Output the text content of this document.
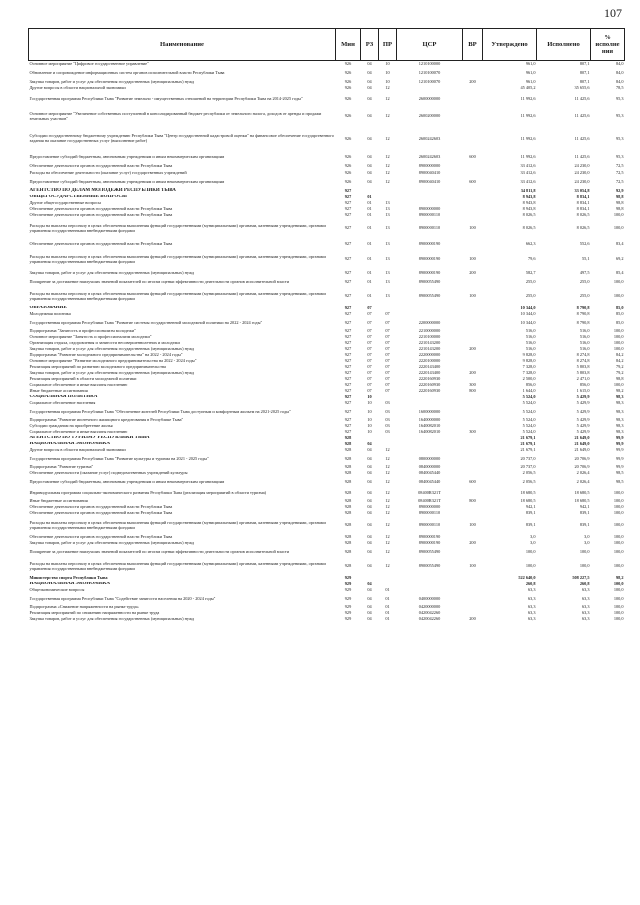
107
Наименование	Мин	РЗ	ПР	ЦСР	ВР	Утверждено	Исполнено	% исполне ния
Основное мероприятие "Цифровое государственное управление"	926	04	10	1210100000		961,0	807,1	84,0
Обновление и сопровождение информационных систем органов исполнительной власти Республики Тыва	926	04	10	1210100070		961,0	807,1	84,0
Закупка товаров, работ и услуг для обеспечения государственных (муниципальных) нужд	926	04	10	1210100070	200	961,0	807,1	84,0
Другие вопросы в области национальной экономики	926	04	12			45 405,2	35 655,6	78,5
Государственная программа Республики Тыва "Развитие земельно - имущественных отношений на территории Республики Тыва на 2014-2025 годы"	926	04	12	2600000000		11 992,6	11 425,6	95,3
Основное мероприятие "Увеличение собственных поступлений в консолидированный бюджет республики от земельного налога, доходов от аренды и продажи земельных участков"	926	04	12	2600200000		11 992,6	11 425,6	95,3
Субсидии государственному бюджетному учреждению Республики Тыва "Центр государственной кадастровой оценки" на финансовое обеспечение государственного задания на оказание государственных услуг (выполнение работ)	926	04	12	2600242603		11 992,6	11 425,6	95,3
Предоставление субсидий бюджетным, автономным учреждениям и иным некоммерческим организациям	926	04	12	2600242603	600	11 992,6	11 425,6	95,3
Обеспечение деятельности органов государственной власти Республики Тыва	926	04	12	8900000000		33 412,6	24 230,0	72,5
Расходы на обеспечение деятельности (оказание услуг) государственных учреждений	926	04	12	8900040410		33 412,6	24 230,0	72,5
Предоставление субсидий бюджетным, автономным учреждениям и иным некоммерческим организациям	926	04	12	8900040410	600	33 412,6	24 230,0	72,5
АГЕНТСТВО ПО ДЕЛАМ МОЛОДЕЖИ РЕСПУБЛИКИ ТЫВА	927					34 811,8	33 054,8	92,9
ОБЩЕГОСУДАРСТВЕННЫЕ ВОПРОСЫ	927	01				8 943,8	8 834,1	98,8
Другие общегосударственные вопросы	927	01	13			8 943,8	8 834,1	98,8
Обеспечение деятельности органов государственной власти Республики Тыва	927	01	13	8900000000		8 943,8	8 834,1	98,8
Обеспечение деятельности органов государственной власти Республики Тыва	927	01	13	8900000110		8 026,5	8 026,5	100,0
Расходы на выплаты персоналу в целях обеспечения выполнения функций государственными (муниципальными) органами, казенными учреждениями, органами управления государственными внебюджетными фондами	927	01	13	8900000110	100	8 026,5	8 026,5	100,0
Обеспечение деятельности органов государственной власти Республики Тыва	927	01	13	8900000190		662,3	552,6	83,4
Расходы на выплаты персоналу в целях обеспечения выполнения функций государственными (муниципальными) органами, казенными учреждениями, органами управления государственными внебюджетными фондами	927	01	13	8900000190	100	79,6	55,1	69,2
Закупка товаров, работ и услуг для обеспечения государственных (муниципальных) нужд	927	01	13	8900000190	200	582,7	497,5	85,4
Поощрение за достижение наилучших значений показателей по итогам оценки эффективности деятельности органов исполнительной власти	927	01	13	8900055490		255,0	255,0	100,0
Расходы на выплаты персоналу в целях обеспечения выполнения функций государственными (муниципальными) органами, казенными учреждениями, органами управления государственными внебюджетными фондами	927	01	13	8900055490	100	255,0	255,0	100,0
ОБРАЗОВАНИЕ	927	07				10 344,0	8 790,8	85,0
Молодежная политика	927	07	07			10 344,0	8 790,8	85,0
Государственная программа Республики Тыва "Развитие системы государственной молодежной политики на 2022 - 2024 годы"	927	07	07	2200000000		10 344,0	8 790,8	85,0
Подпрограмма "Занятость и профессионализм молодежи"	927	07	07	2210000000		516,0	516,0	100,0
Основное мероприятие "Занятость и профессионализм молодежи"	927	07	07	2210100000		516,0	516,0	100,0
Организация отдыха, оздоровления и занятости несовершеннолетних и молодежи	927	07	07	2210143200		516,0	516,0	100,0
Закупка товаров, работ и услуг для обеспечения государственных (муниципальных) нужд	927	07	07	2210143200	200	516,0	516,0	100,0
Подпрограмма "Развитие молодежного предпринимательства" на 2022 - 2024 годы"	927	07	07	2220000000		9 828,0	8 274,8	84,2
Основное мероприятие "Развитие молодежного предпринимательства на 2022 - 2024 годы"	927	07	07	2220100000		9 828,0	8 274,8	84,2
Реализация мероприятий по развитию молодежного предпринимательства	927	07	07	2220143400		7 328,0	5 803,8	79,2
Закупка товаров, работ и услуг для обеспечения государственных (муниципальных) нужд	927	07	07	2220143400	200	7 328,0	5 803,8	79,2
Реализация мероприятий в области молодежной политики	927	07	07	2220160930		2 500,0	2 471,0	98,8
Социальное обеспечение и иные выплаты населению	927	07	07	2220160930	300	856,0	856,0	100,0
Иные бюджетные ассигнования	927	07	07	2220160930	800	1 644,0	1 615,0	98,2
СОЦИАЛЬНАЯ ПОЛИТИКА	927	10				5 524,0	5 429,9	98,3
Социальное обеспечение населения	927	10	03			5 524,0	5 429,9	98,3
Государственная программа Республики Тыва "Обеспечение жителей Республики Тыва доступным и комфортным жильем на 2021-2025 годы"	927	10	03	1600000000		5 524,0	5 429,9	98,3
Подпрограмма "Развитие ипотечного жилищного кредитования в Республике Тыва"	927	10	03	1640000000		5 524,0	5 429,9	98,3
Субсидии гражданам на приобретение жилья	927	10	03	1640082010		5 524,0	5 429,9	98,3
Социальное обеспечение и иные выплаты населению	927	10	03	1640082010	300	5 524,0	5 429,9	98,3
АГЕНТСТВО ПО ТУРИЗМУ РЕСПУБЛИКИ ТЫВА	928					21 679,1	21 649,0	99,9
НАЦИОНАЛЬНАЯ ЭКОНОМИКА	928	04				21 679,1	21 649,0	99,9
Другие вопросы в области национальной экономики	928	04	12			21 679,1	21 649,0	99,9
Государственная программа Республики Тыва "Развитие культуры и туризма на 2021 - 2025 годы"	928	04	12	0800000000		20 737,0	20 706,9	99,9
Подпрограмма "Развитие туризма"	928	04	12	0840000000		20 737,0	20 706,9	99,9
Обеспечение деятельности (оказание услуг) подведомственных учреждений культуры	928	04	12	0840045440		2 056,5	2 026,4	98,5
Предоставление субсидий бюджетным, автономным учреждениям и иным некоммерческим организациям	928	04	12	0840045440	600	2 056,5	2 026,4	98,5
Индивидуальная программа социально-экономического развития Республики Тыва (реализация мероприятий в области туризма)	928	04	12	08400R321T		18 680,5	18 680,5	100,0
Иные бюджетные ассигнования	928	04	12	08400R321T	800	18 680,5	18 680,5	100,0
Обеспечение деятельности органов государственной власти Республики Тыва	928	04	12	8900000000		942,1	942,1	100,0
Обеспечение деятельности органов государственной власти Республики Тыва	928	04	12	8900000110		839,1	839,1	100,0
Расходы на выплаты персоналу в целях обеспечения выполнения функций государственными (муниципальными) органами, казенными учреждениями, органами управления государственными внебюджетными фондами	928	04	12	8900000110	100	839,1	839,1	100,0
Обеспечение деятельности органов государственной власти Республики Тыва	928	04	12	8900000190		3,0	3,0	100,0
Закупка товаров, работ и услуг для обеспечения государственных (муниципальных) нужд	928	04	12	8900000190	200	3,0	3,0	100,0
Поощрение за достижение наилучших значений показателей по итогам оценки эффективности деятельности органов исполнительной власти	928	04	12	8900055490		100,0	100,0	100,0
Расходы на выплаты персоналу в целях обеспечения выполнения функций государственными (муниципальными) органами, казенными учреждениями, органами управления государственными внебюджетными фондами	928	04	12	8900055490	100	100,0	100,0	100,0
Министерство спорта Республики Тыва	929					522 640,0	508 227,5	98,2
НАЦИОНАЛЬНАЯ ЭКОНОМИКА	929	04				260,8	260,8	100,0
Общеэкономические вопросы	929	04	01			63,3	63,3	100,0
Государственная программа Республики Тыва "Содействие занятости населения на 2020 - 2024 годы"	929	04	01	0400000000		63,3	63,3	100,0
Подпрограмма «Снижение напряженности на рынке труда»	929	04	01	0420000000		63,3	63,3	100,0
Реализация мероприятий по снижению напряженности на рынке труда	929	04	01	0420042260		63,3	63,3	100,0
Закупка товаров, работ и услуг для обеспечения государственных (муниципальных) нужд	929	04	01	0420042260	200	63,3	63,3	100,0
